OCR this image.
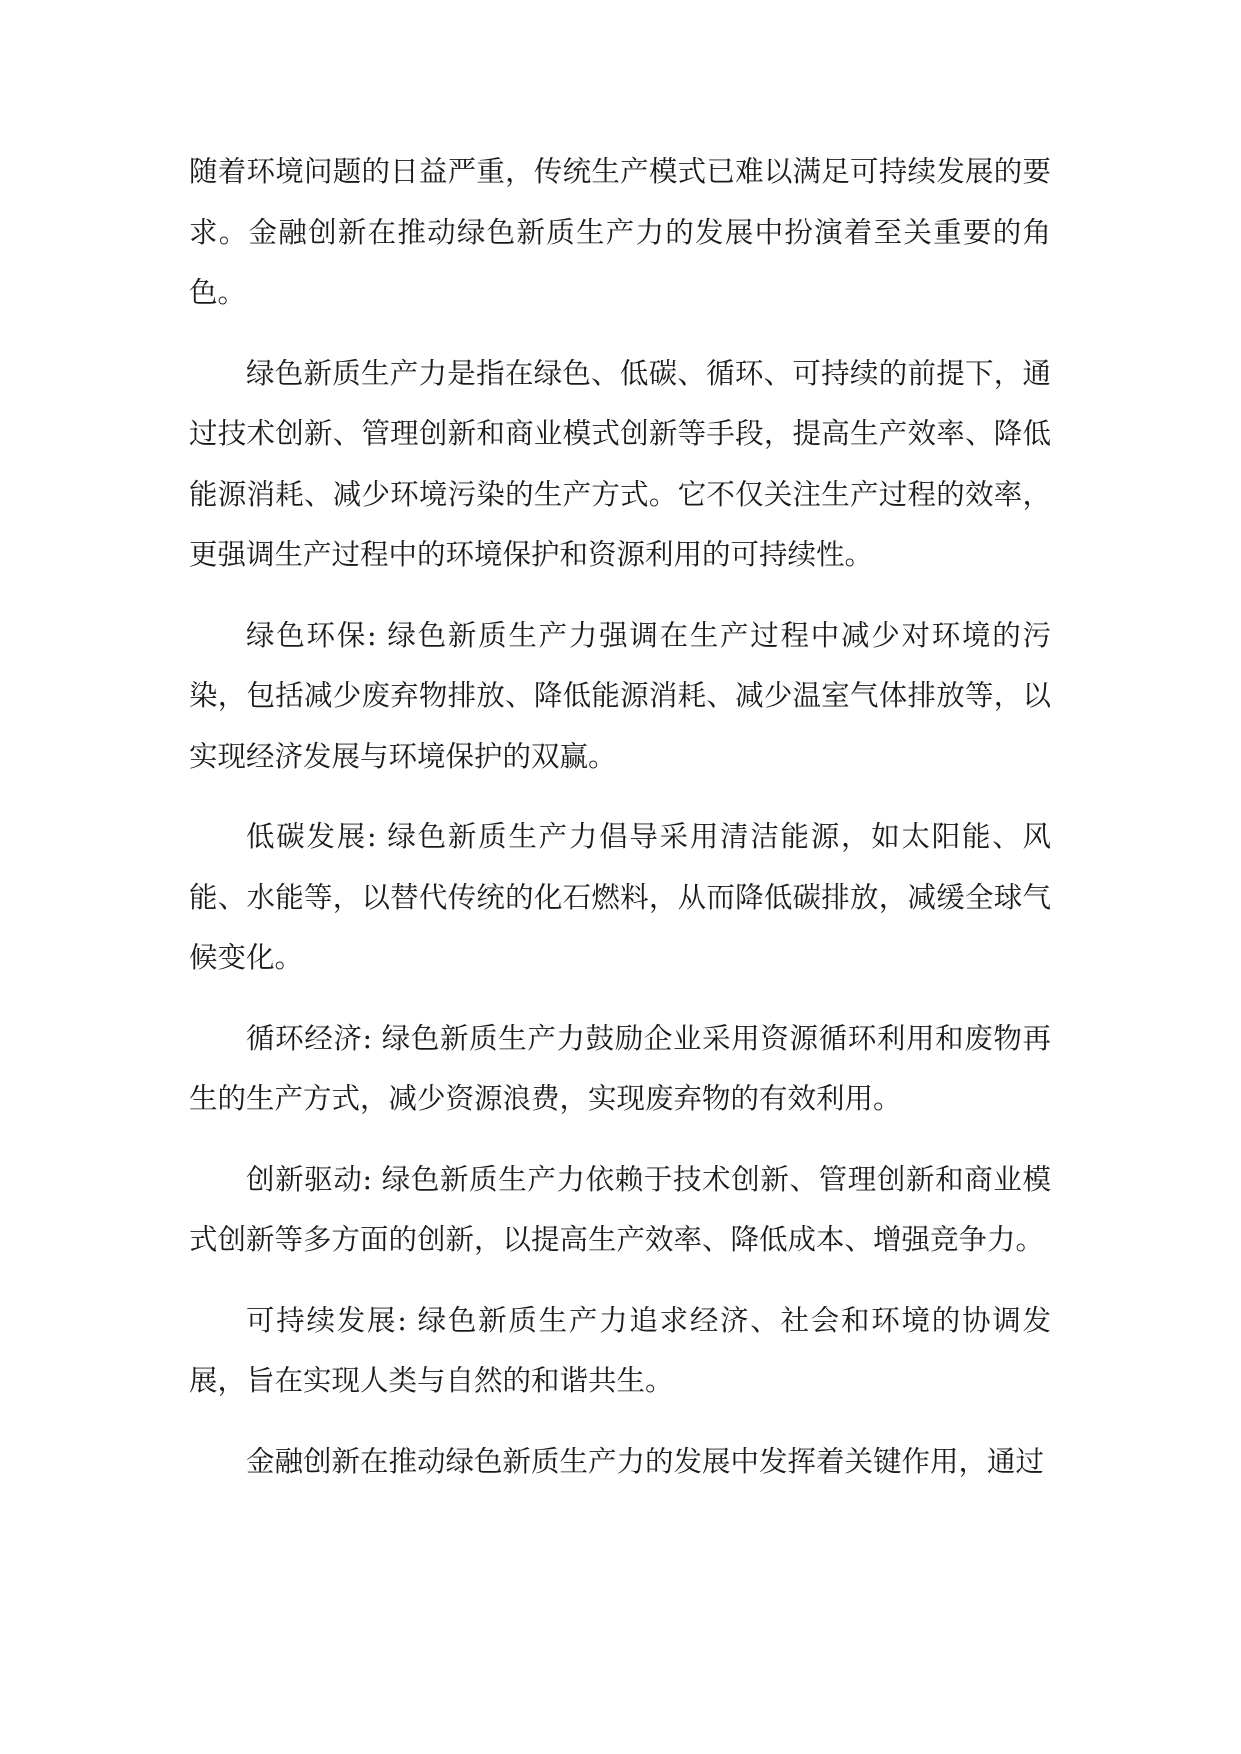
随着环境问题的日益严重，传统生产模式已难以满足可持续发展的要求。金融创新在推动绿色新质生产力的发展中扮演着至关重要的角色。

绿色新质生产力是指在绿色、低碳、循环、可持续的前提下，通过技术创新、管理创新和商业模式创新等手段，提高生产效率、降低能源消耗、减少环境污染的生产方式。它不仅关注生产过程的效率，更强调生产过程中的环境保护和资源利用的可持续性。

绿色环保: 绿色新质生产力强调在生产过程中减少对环境的污染，包括减少废弃物排放、降低能源消耗、减少温室气体排放等，以实现经济发展与环境保护的双赢。

低碳发展: 绿色新质生产力倡导采用清洁能源，如太阳能、风能、水能等，以替代传统的化石燃料，从而降低碳排放，减缓全球气候变化。

循环经济: 绿色新质生产力鼓励企业采用资源循环利用和废物再生的生产方式，减少资源浪费，实现废弃物的有效利用。

创新驱动: 绿色新质生产力依赖于技术创新、管理创新和商业模式创新等多方面的创新，以提高生产效率、降低成本、增强竞争力。

可持续发展: 绿色新质生产力追求经济、社会和环境的协调发展，旨在实现人类与自然的和谐共生。

金融创新在推动绿色新质生产力的发展中发挥着关键作用，通过
